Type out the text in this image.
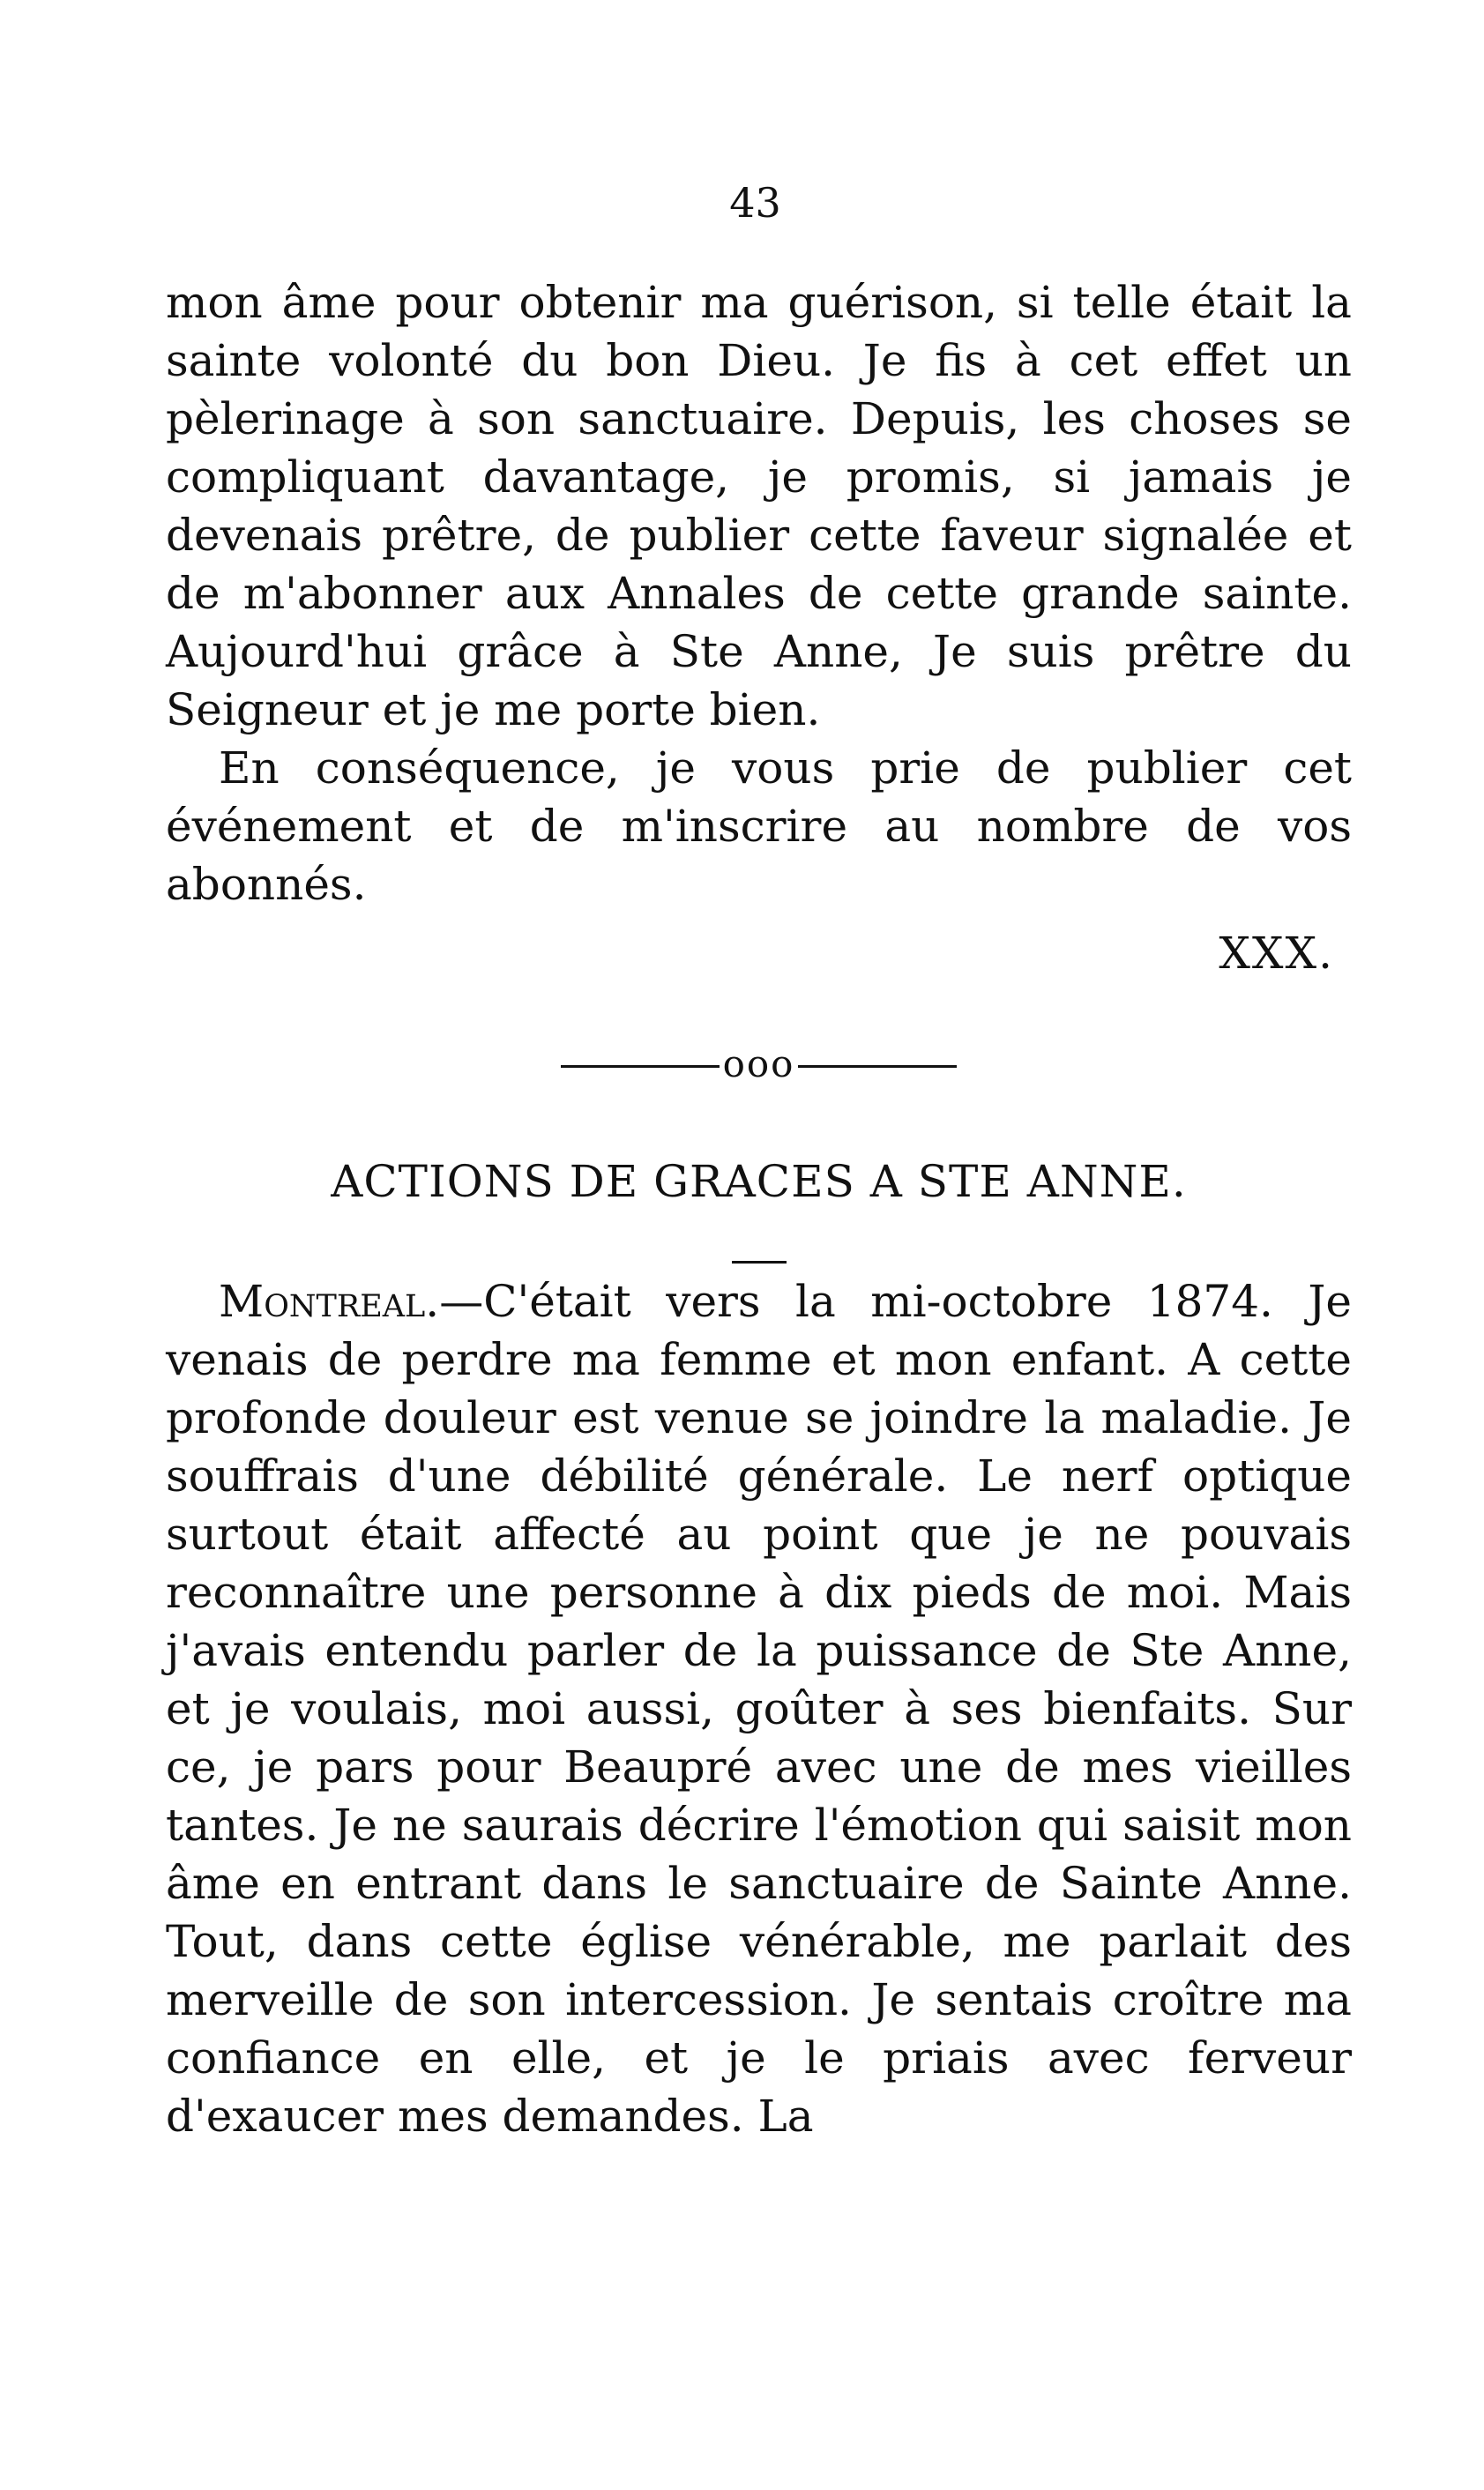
43

mon âme pour obtenir ma guérison, si telle était la sainte volonté du bon Dieu. Je fis à cet effet un pèlerinage à son sanctuaire. Depuis, les choses se compliquant davantage, je promis, si jamais je devenais prêtre, de publier cette faveur signalée et de m'abonner aux Annales de cette grande sainte. Aujourd'hui grâce à Ste Anne, Je suis prêtre du Seigneur et je me porte bien.

En conséquence, je vous prie de publier cet événement et de m'inscrire au nombre de vos abonnés.

XXX.
ooo
ACTIONS DE GRACES A STE ANNE.

Montreal.—C'était vers la mi-octobre 1874. Je venais de perdre ma femme et mon enfant. A cette profonde douleur est venue se joindre la maladie. Je souffrais d'une débilité générale. Le nerf optique surtout était affecté au point que je ne pouvais reconnaître une personne à dix pieds de moi. Mais j'avais entendu parler de la puissance de Ste Anne, et je voulais, moi aussi, goûter à ses bienfaits. Sur ce, je pars pour Beaupré avec une de mes vieilles tantes. Je ne saurais décrire l'émotion qui saisit mon âme en entrant dans le sanctuaire de Sainte Anne. Tout, dans cette église vénérable, me parlait des merveille de son intercession. Je sentais croître ma confiance en elle, et je le priais avec ferveur d'exaucer mes demandes. La
